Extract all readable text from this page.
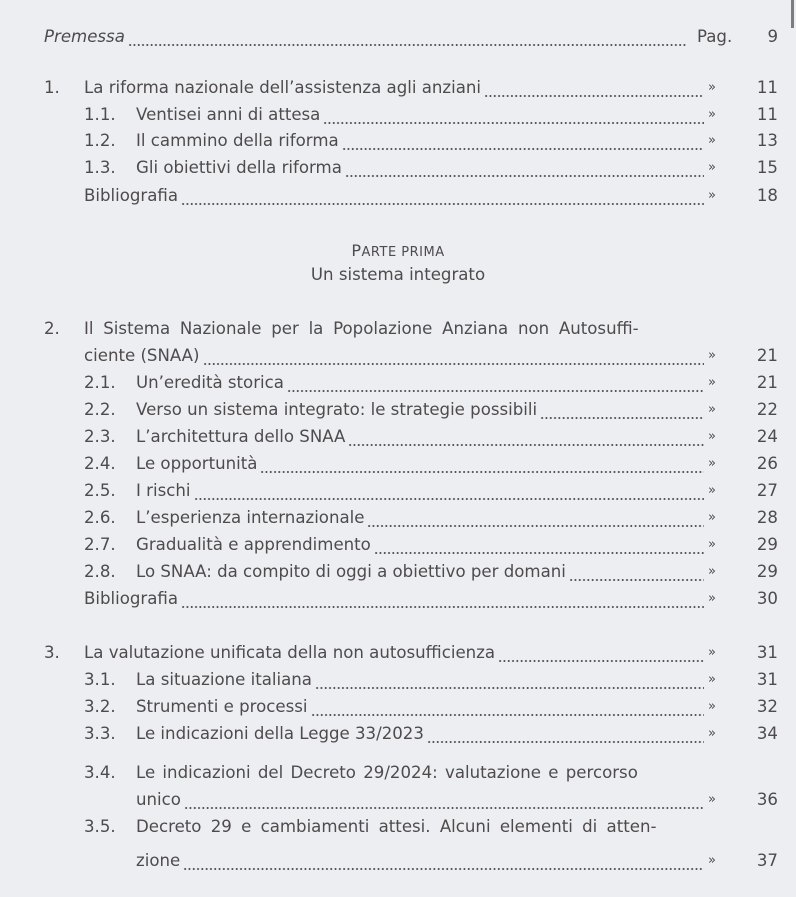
Premessa	Pag. 9
1. La riforma nazionale dell’assistenza agli anziani	» 11
1.1. Ventisei anni di attesa	» 11
1.2. Il cammino della riforma	» 13
1.3. Gli obiettivi della riforma	» 15
Bibliografia	» 18
PARTE PRIMA
Un sistema integrato
2. Il Sistema Nazionale per la Popolazione Anziana non Autosuffi-
ciente (SNAA)	» 21
2.1. Un’eredità storica	» 21
2.2. Verso un sistema integrato: le strategie possibili	» 22
2.3. L’architettura dello SNAA	» 24
2.4. Le opportunità	» 26
2.5. I rischi	» 27
2.6. L’esperienza internazionale	» 28
2.7. Gradualità e apprendimento	» 29
2.8. Lo SNAA: da compito di oggi a obiettivo per domani	» 29
Bibliografia	» 30
3. La valutazione unificata della non autosufficienza	» 31
3.1. La situazione italiana	» 31
3.2. Strumenti e processi	» 32
3.3. Le indicazioni della Legge 33/2023	» 34
3.4. Le indicazioni del Decreto 29/2024: valutazione e percorso
unico	» 36
3.5. Decreto 29 e cambiamenti attesi. Alcuni elementi di atten-
zione	» 37
